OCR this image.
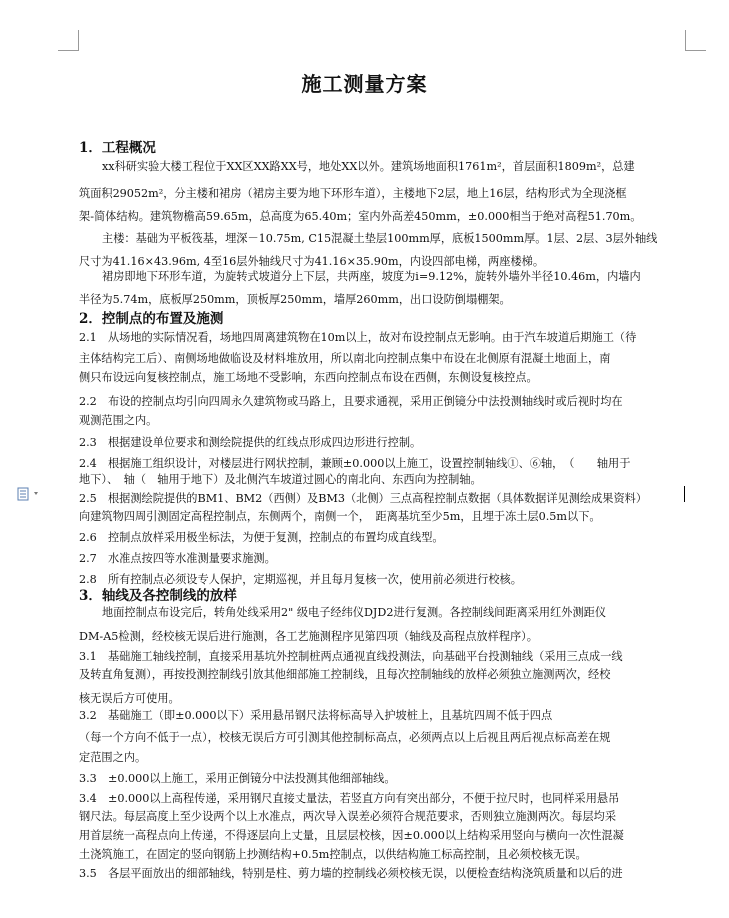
施工测量方案
1．工程概况
2．控制点的布置及施测
3．轴线及各控制线的放样
xx科研实验大楼工程位于XX区XX路XX号，地处XX以外。建筑场地面积1761m²，首层面积1809m²，总建
筑面积29052m²，分主楼和裙房（裙房主要为地下环形车道），主楼地下2层，地上16层，结构形式为全现浇框
架-简体结构。建筑物檐高59.65m，总高度为65.40m；室内外高差450mm，±0.000相当于绝对高程51.70m。
主楼：基础为平板筏基，埋深－10.75m, C15混凝土垫层100mm厚，底板1500mm厚。1层、2层、3层外轴线
尺寸为41.16×43.96m, 4至16层外轴线尺寸为41.16×35.90m，内设四部电梯，两座楼梯。
裙房即地下环形车道，为旋转式坡道分上下层，共两座，坡度为i=9.12%，旋转外墙外半径10.46m，内墙内
半径为5.74m，底板厚250mm，顶板厚250mm，墙厚260mm，出口设防倒塌棚架。
2.1　从场地的实际情况看，场地四周离建筑物在10m以上，故对布设控制点无影响。由于汽车坡道后期施工（待
主体结构完工后）、南侧场地做临设及材料堆放用，所以南北向控制点集中布设在北侧原有混凝土地面上，南
侧只布设远向复核控制点，施工场地不受影响，东西向控制点布设在西侧，东侧设复核控点。
2.2　布设的控制点均引向四周永久建筑物或马路上，且要求通视，采用正倒镜分中法投测轴线时或后视时均在
观测范围之内。
2.3　根据建设单位要求和测绘院提供的红线点形成四边形进行控制。
2.4　根据施工组织设计，对楼层进行网状控制，兼顾±0.000以上施工，设置控制轴线①、⑥轴，　（　　轴用于
地下）、　轴（　轴用于地下）及北侧汽车坡道过圆心的南北向、东西向为控制轴。
2.5　根据测绘院提供的BM1、BM2（西侧）及BM3（北侧）三点高程控制点数据（具体数据详见测绘成果资料）
向建筑物四周引测固定高程控制点，东侧两个，南侧一个，　距离基坑至少5m，且埋于冻土层0.5m以下。
2.6　控制点放样采用极坐标法，为便于复测，控制点的布置均成直线型。
2.7　水准点按四等水准测量要求施测。
2.8　所有控制点必须设专人保护，定期巡视，并且每月复核一次，使用前必须进行校核。
地面控制点布设完后，转角处线采用2" 级电子经纬仪DJD2进行复测。各控制线间距离采用红外测距仪
DM-A5检测，经校核无误后进行施测，各工艺施测程序见第四项（轴线及高程点放样程序）。
3.1　基础施工轴线控制，直接采用基坑外控制桩两点通视直线投测法，向基础平台投测轴线（采用三点成一线
及转直角复测），再按投测控制线引放其他细部施工控制线，且每次控制轴线的放样必须独立施测两次，经校
核无误后方可使用。
3.2　基础施工（即±0.000以下）采用悬吊钢尺法将标高导入护坡桩上，且基坑四周不低于四点
（每一个方向不低于一点），校核无误后方可引测其他控制标高点，必须两点以上后视且两后视点标高差在规
定范围之内。
3.3　±0.000以上施工，采用正倒镜分中法投测其他细部轴线。
3.4　±0.000以上高程传递，采用钢尺直接丈量法，若竖直方向有突出部分，不便于拉尺时，也同样采用悬吊
钢尺法。每层高度上至少设两个以上水准点，两次导入误差必须符合规范要求，否则独立施测两次。每层均采
用首层统一高程点向上传递，不得逐层向上丈量，且层层校核，因±0.000以上结构采用竖向与横向一次性混凝
土浇筑施工，在固定的竖向钢筋上抄测结构+0.5m控制点，以供结构施工标高控制，且必须校核无误。
3.5　各层平面放出的细部轴线，特别是柱、剪力墙的控制线必须校核无误，以便检查结构浇筑质量和以后的进
